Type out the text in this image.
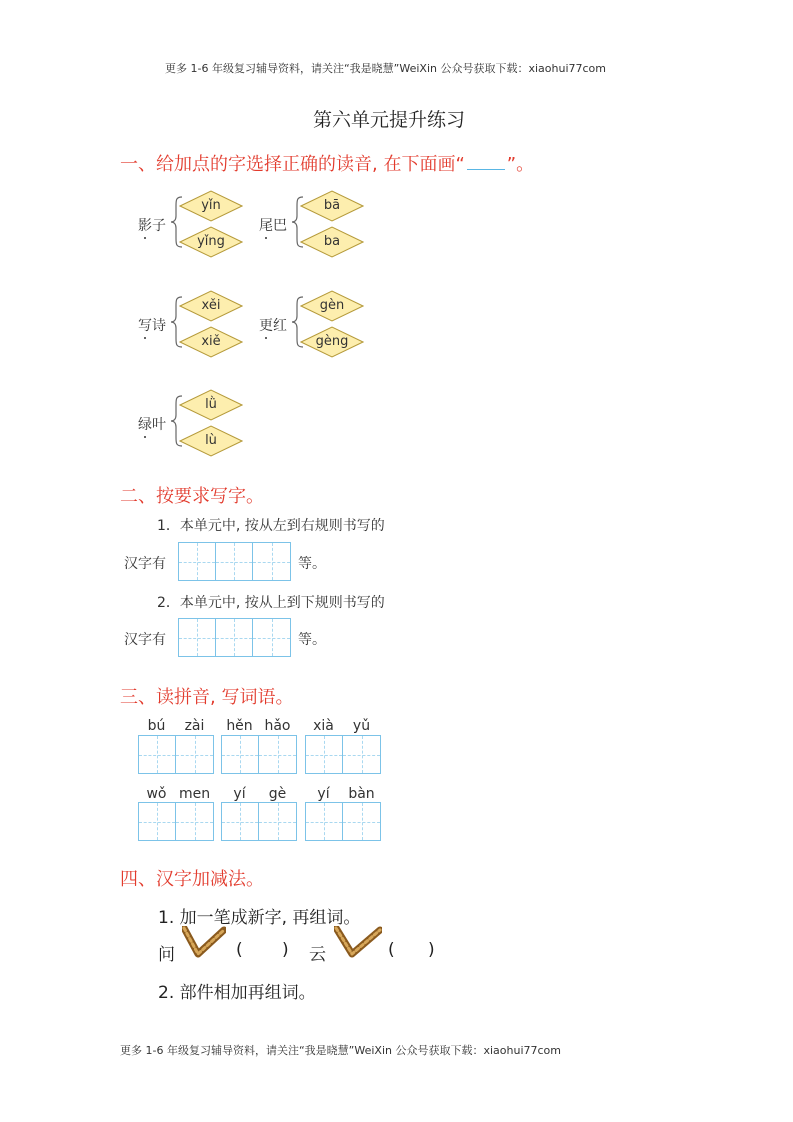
更多 1-6 年级复习辅导资料，请关注“我是晓慧”WeiXin 公众号获取下载：xiaohui77com
第六单元提升练习
一、给加点的字选择正确的读音, 在下面画“ ”。
影子
yǐn
yǐng
尾巴
bā
ba
写诗
xěi
xiě
更红
gèn
gèng
绿叶
lǜ
lù
二、按要求写字。
1．本单元中, 按从左到右规则书写的
汉字有	等。
2．本单元中, 按从上到下规则书写的
汉字有	等。
三、读拼音, 写词语。
bú	zài	hěn hǎo	xià	yǔ
wǒ men	yí	gè	yí	bàn
四、汉字加减法。
1. 加一笔成新字, 再组词。
问	( ) 云	( )
2. 部件相加再组词。
更多 1-6 年级复习辅导资料，请关注“我是晓慧”WeiXin 公众号获取下载：xiaohui77com
